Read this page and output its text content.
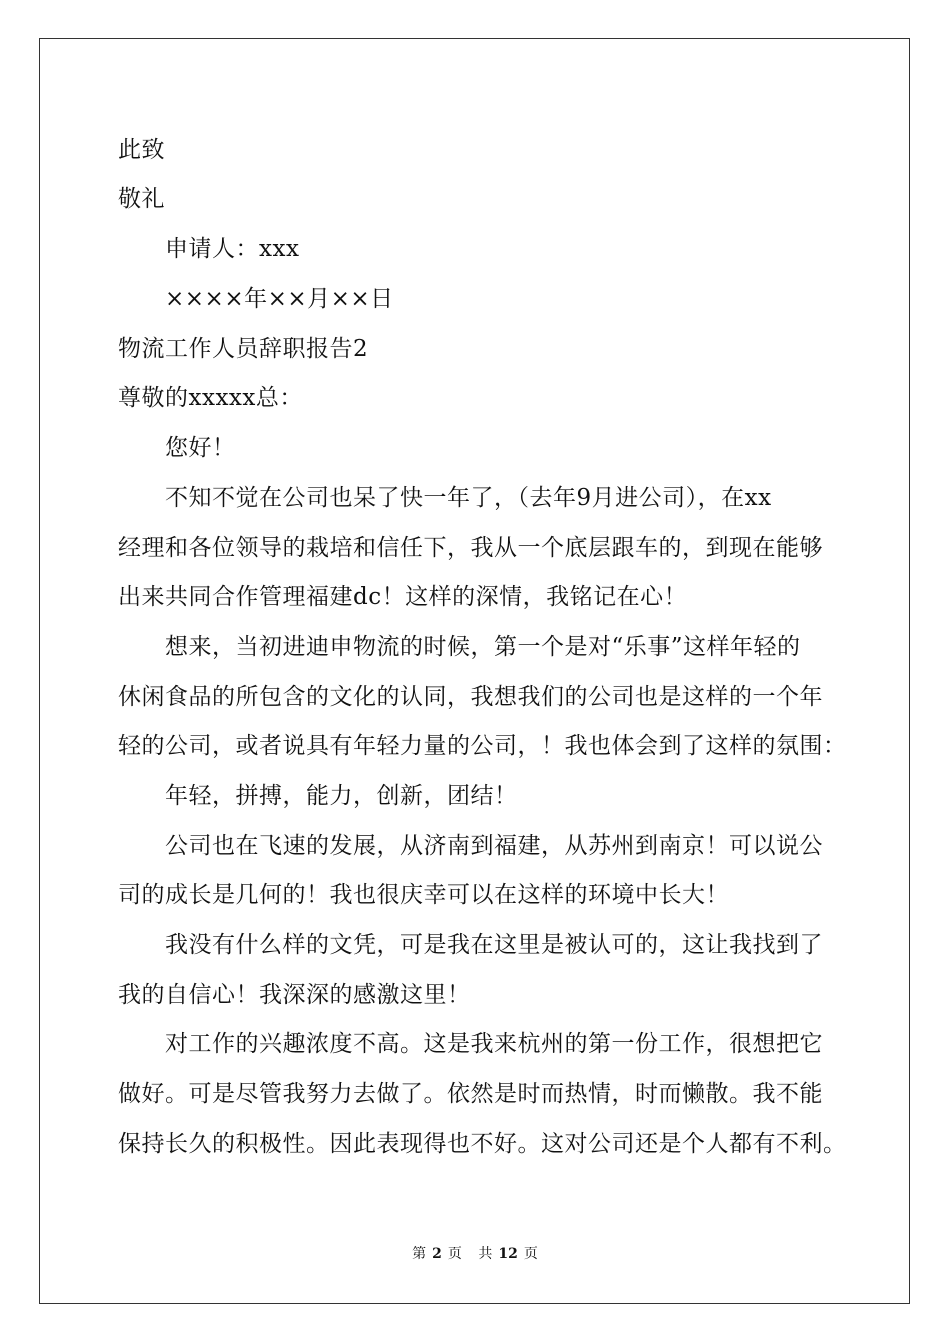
此致
敬礼
申请人：xxx
××××年××月××日
物流工作人员辞职报告2
尊敬的xxxxx总：
您好！
不知不觉在公司也呆了快一年了，（去年9月进公司），在xx
经理和各位领导的栽培和信任下，我从一个底层跟车的，到现在能够
出来共同合作管理福建dc！这样的深情，我铭记在心！
想来，当初进迪申物流的时候，第一个是对“乐事”这样年轻的
休闲食品的所包含的文化的认同，我想我们的公司也是这样的一个年
轻的公司，或者说具有年轻力量的公司，！我也体会到了这样的氛围：
年轻，拼搏，能力，创新，团结！
公司也在飞速的发展，从济南到福建，从苏州到南京！可以说公
司的成长是几何的！我也很庆幸可以在这样的环境中长大！
我没有什么样的文凭，可是我在这里是被认可的，这让我找到了
我的自信心！我深深的感激这里！
对工作的兴趣浓度不高。这是我来杭州的第一份工作，很想把它
做好。可是尽管我努力去做了。依然是时而热情，时而懒散。我不能
保持长久的积极性。因此表现得也不好。这对公司还是个人都有不利。
第 2 页 共 12 页
